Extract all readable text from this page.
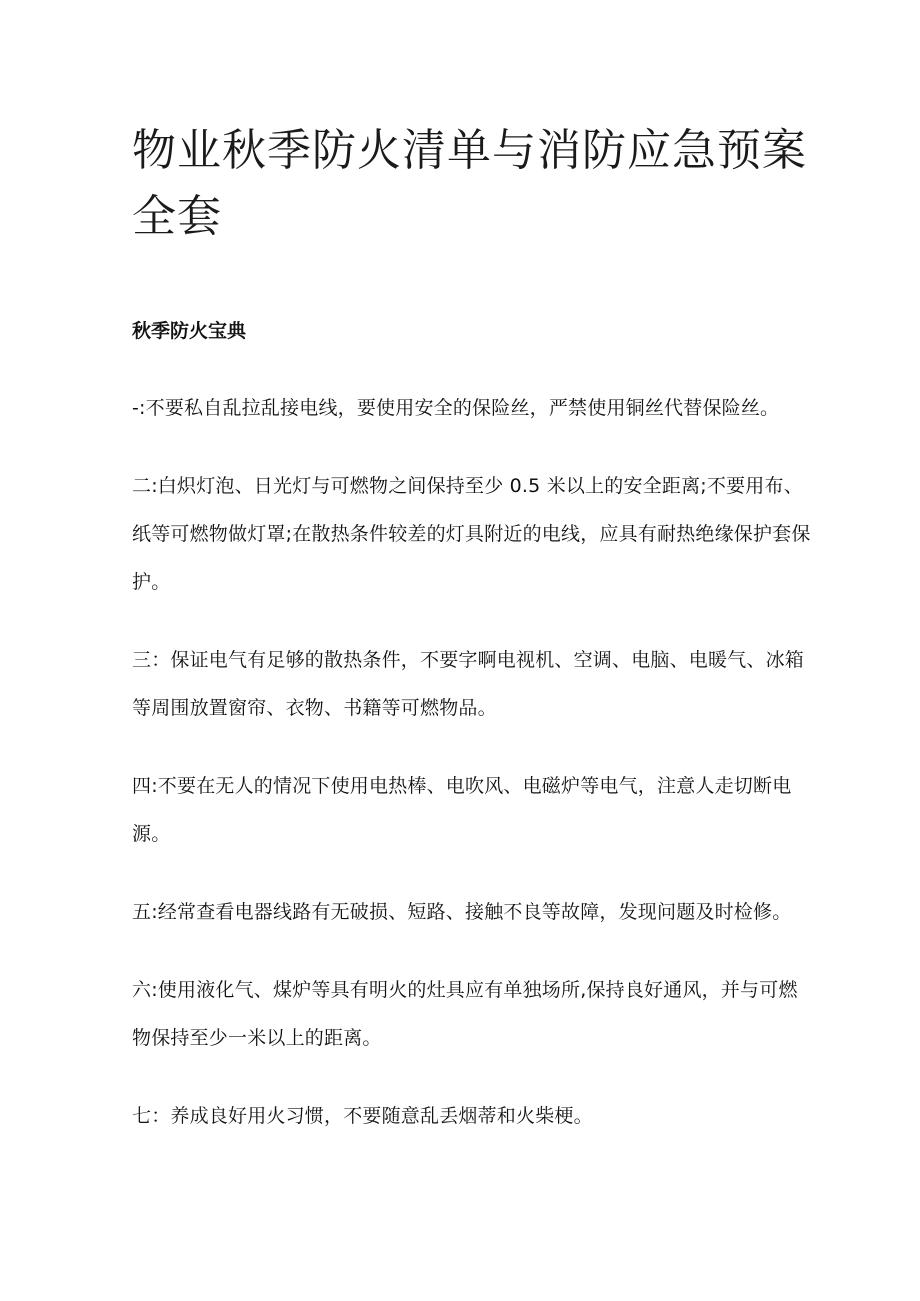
物业秋季防火清单与消防应急预案全套
秋季防火宝典
-:不要私自乱拉乱接电线，要使用安全的保险丝，严禁使用铜丝代替保险丝。
二:白炽灯泡、日光灯与可燃物之间保持至少 0.5 米以上的安全距离;不要用布、纸等可燃物做灯罩;在散热条件较差的灯具附近的电线，应具有耐热绝缘保护套保护。
三：保证电气有足够的散热条件，不要字啊电视机、空调、电脑、电暖气、冰箱等周围放置窗帘、衣物、书籍等可燃物品。
四:不要在无人的情况下使用电热棒、电吹风、电磁炉等电气，注意人走切断电源。
五:经常查看电器线路有无破损、短路、接触不良等故障，发现问题及时检修。
六:使用液化气、煤炉等具有明火的灶具应有单独场所,保持良好通风，并与可燃物保持至少一米以上的距离。
七：养成良好用火习惯，不要随意乱丢烟蒂和火柴梗。
